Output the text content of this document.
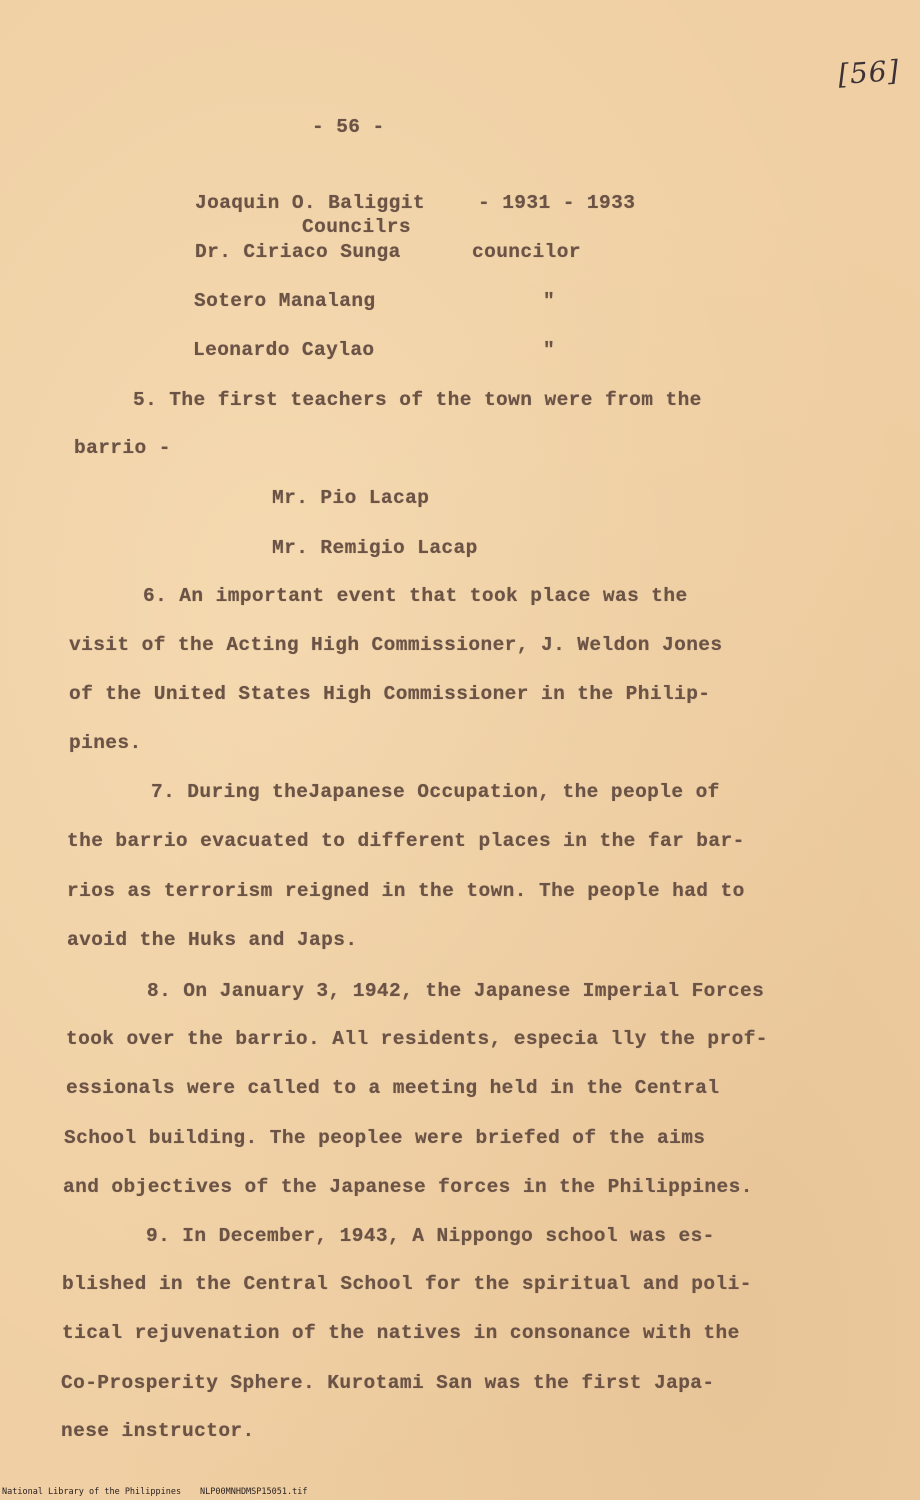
[56]
- 56 -
Joaquin O. Baliggit	- 1931 - 1933
Councilrs
Dr. Ciriaco Sunga	councilor
Sotero Manalang	"
Leonardo Caylao	"
5. The first teachers of the town were from the
barrio -
Mr. Pio Lacap
Mr. Remigio Lacap
6. An important event that took place was the
visit of the Acting High Commissioner, J. Weldon Jones
of the United States High Commissioner in the Philip-
pines.
7. During theJapanese Occupation, the people of
the barrio evacuated to different places in the far bar-
rios as terrorism reigned in the town. The people had to
avoid the Huks and Japs.
8. On January 3, 1942, the Japanese Imperial Forces
took over the barrio. All residents, especia lly the prof-
essionals were called to a meeting held in the Central
School building. The peoplee were briefed of the aims
and objectives of the Japanese forces in the Philippines.
9. In December, 1943, A Nippongo school was es-
blished in the Central School for the spiritual and poli-
tical rejuvenation of the natives in consonance with the
Co-Prosperity Sphere. Kurotami San was the first Japa-
nese instructor.
National Library of the Philippines NLP00MNHDMSP15051.tif
